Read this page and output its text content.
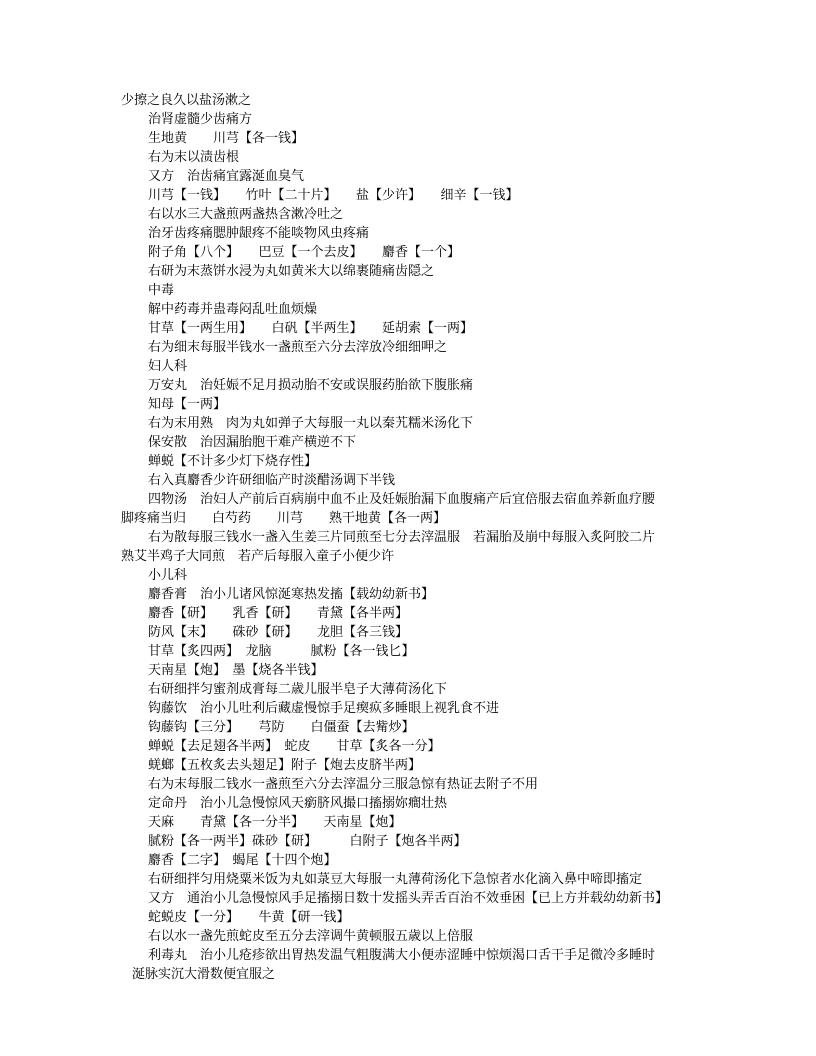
少擦之良久以盐汤漱之
治肾虚髓少齿痛方
生地黄　　川芎【各一钱】
右为末以渍齿根
又方　治齿痛宜露涎血臭气
川芎【一钱】　　竹叶【二十片】　　盐【少许】　　细辛【一钱】
右以水三大盏煎两盏热含漱冷吐之
治牙齿疼痛腮肿龈疼不能啖物风虫疼痛
附子角【八个】　　巴豆【一个去皮】　　麝香【一个】
右研为末蒸饼水浸为丸如黄米大以绵裹随痛齿隠之
中毒
解中药毒并蛊毒闷乱吐血烦燥
甘草【一两生用】　　白矾【半两生】　　延胡索【一两】
右为细末每服半钱水一盏煎至六分去滓放冷细细呷之
妇人科
万安丸　治妊娠不足月损动胎不安或误服药胎欲下腹胀痛
知母【一两】
右为末用熟　肉为丸如弹子大每服一丸以秦艽糯米汤化下
保安散　治因漏胎胞干难产横逆不下
蝉蜕【不计多少灯下烧存性】
右入真麝香少许研细临产时淡醋汤调下半钱
四物汤　治妇人产前后百病崩中血不止及妊娠胎漏下血腹痛产后宜倍服去宿血养新血疗腰
脚疼痛当归　　白芍药　　川芎　　熟干地黄【各一两】
右为散每服三钱水一盏入生姜三片同煎至七分去滓温服　若漏胎及崩中每服入炙阿胶二片
熟艾半鸡子大同煎　若产后每服入童子小便少许
小儿科
麝香膏　治小儿诸风惊涎寒热发搐【载幼幼新书】
麝香【研】　　乳香【研】　　青黛【各半两】
防风【末】　　硃砂【研】　　龙胆【各三钱】
甘草【炙四两】　龙脑　　　腻粉【各一钱匕】
天南星【炮】　墨【烧各半钱】
右研细拌匀蜜剂成膏每二歳儿服半皂子大薄荷汤化下
钩藤饮　治小儿吐利后藏虚慢惊手足瘈疭多睡眼上视乳食不进
钩藤钩【三分】　　芎防　　白僵蚕【去觜炒】
蝉蜕【去足翅各半两】　蛇皮　　甘草【炙各一分】
蜣螂【五枚炙去头翅足】附子【炮去皮脐半两】
右为末每服二钱水一盏煎至六分去滓温分三服急惊有热证去附子不用
定命丹　治小儿急慢惊风天瘹脐风撮口搐搦妳癎壮热
天麻　　青黛【各一分半】　　天南星【炮】
腻粉【各一两半】硃砂【研】　　　白附子【炮各半两】
麝香【二字】　蝎尾【十四个炮】
右研细拌匀用烧粟米饭为丸如菉豆大每服一丸薄荷汤化下急惊者水化滴入鼻中啼即搐定
又方　通治小儿急慢惊风手足搐搦日数十发摇头弄舌百治不效垂困【已上方并载幼幼新书】
蛇蜕皮【一分】　　牛黄【研一钱】
右以水一盏先煎蛇皮至五分去滓调牛黄顿服五歳以上倍服
利毒丸　治小儿疮疹欲出胃热发温气粗腹满大小便赤涩睡中惊烦渴口舌干手足微冷多睡时
涎脉实沉大滑数便宜服之
